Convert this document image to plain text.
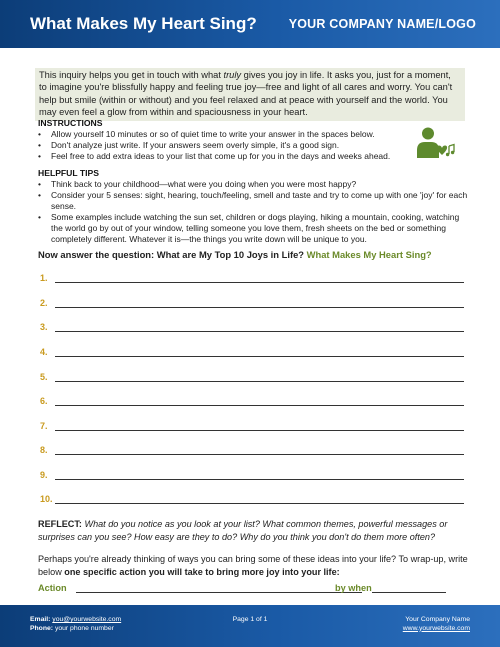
What Makes My Heart Sing?	YOUR COMPANY NAME/LOGO
This inquiry helps you get in touch with what truly gives you joy in life. It asks you, just for a moment, to imagine you're blissfully happy and feeling true joy—free and light of all cares and worry. You can't help but smile (within or without) and you feel relaxed and at peace with yourself and the world. You may even feel a glow from within and spaciousness in your heart.
INSTRUCTIONS
• Allow yourself 10 minutes or so of quiet time to write your answer in the spaces below.
• Don't analyze just write. If your answers seem overly simple, it's a good sign.
• Feel free to add extra ideas to your list that come up for you in the days and weeks ahead.
HELPFUL TIPS
• Think back to your childhood—what were you doing when you were most happy?
• Consider your 5 senses: sight, hearing, touch/feeling, smell and taste and try to come up with one 'joy' for each sense.
• Some examples include watching the sun set, children or dogs playing, hiking a mountain, cooking, watching the world go by out of your window, telling someone you love them, fresh sheets on the bed or something completely different. Whatever it is—the things you write down will be unique to you.
Now answer the question: What are My Top 10 Joys in Life? What Makes My Heart Sing?
1.
2.
3.
4.
5.
6.
7.
8.
9.
10.
REFLECT: What do you notice as you look at your list? What common themes, powerful messages or surprises can you see? How easy are they to do? Why do you think you don't do them more often?
Perhaps you're already thinking of ways you can bring some of these ideas into your life? To wrap-up, write below one specific action you will take to bring more joy into your life:
Action	by when
Page 1 of 1
Email: you@yourwebsite.com
Phone: your phone number
Your Company Name
www.yourwebsite.com
